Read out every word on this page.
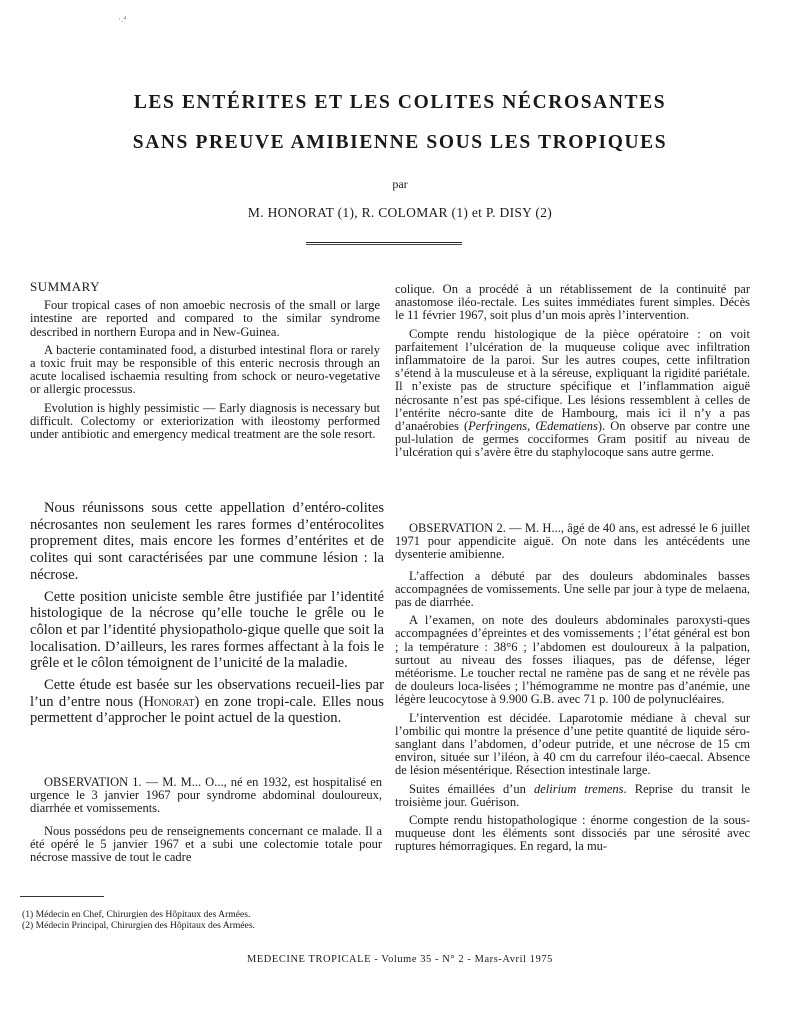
·.⁴
LES ENTÉRITES ET LES COLITES NÉCROSANTES
SANS PREUVE AMIBIENNE SOUS LES TROPIQUES
par
M. HONORAT (1), R. COLOMAR (1) et P. DISY (2)
SUMMARY

Four tropical cases of non amoebic necrosis of the small or large intestine are reported and compared to the similar syndrome described in northern Europa and in New-Guinea.

A bacterie contaminated food, a disturbed intestinal flora or rarely a toxic fruit may be responsible of this enteric necrosis through an acute localised ischaemia resulting from schock or neuro-vegetative or allergic processus.

Evolution is highly pessimistic — Early diagnosis is necessary but difficult. Colectomy or exteriorization with ileostomy performed under antibiotic and emergency medical treatment are the sole resort.

Nous réunissons sous cette appellation d’entéro-colites nécrosantes non seulement les rares formes d’entérocolites proprement dites, mais encore les formes d’entérites et de colites qui sont caractérisées par une commune lésion : la nécrose.

Cette position uniciste semble être justifiée par l’identité histologique de la nécrose qu’elle touche le grêle ou le côlon et par l’identité physiopatholo-gique quelle que soit la localisation. D’ailleurs, les rares formes affectant à la fois le grêle et le côlon témoignent de l’unicité de la maladie.

Cette étude est basée sur les observations recueil-lies par l’un d’entre nous (Honorat) en zone tropi-cale. Elles nous permettent d’approcher le point actuel de la question.

OBSERVATION 1. — M. M... O..., né en 1932, est hospitalisé en urgence le 3 janvier 1967 pour syndrome abdominal douloureux, diarrhée et vomissements.

Nous possédons peu de renseignements concernant ce malade. Il a été opéré le 5 janvier 1967 et a subi une colectomie totale pour nécrose massive de tout le cadre

colique. On a procédé à un rétablissement de la continuité par anastomose iléo-rectale. Les suites immédiates furent simples. Décès le 11 février 1967, soit plus d’un mois après l’intervention.

Compte rendu histologique de la pièce opératoire : on voit parfaitement l’ulcération de la muqueuse colique avec infiltration inflammatoire de la paroi. Sur les autres coupes, cette infiltration s’étend à la musculeuse et à la séreuse, expliquant la rigidité pariétale. Il n’existe pas de structure spécifique et l’inflammation aiguë nécrosante n’est pas spé-cifique. Les lésions ressemblent à celles de l’entérite nécro-sante dite de Hambourg, mais ici il n’y a pas d’anaérobies (Perfringens, Œdematiens). On observe par contre une pul-lulation de germes cocciformes Gram positif au niveau de l’ulcération qui s’avère être du staphylocoque sans autre germe.

OBSERVATION 2. — M. H..., âgé de 40 ans, est adressé le 6 juillet 1971 pour appendicite aiguë. On note dans les antécédents une dysenterie amibienne.

L’affection a débuté par des douleurs abdominales basses accompagnées de vomissements. Une selle par jour à type de melaena, pas de diarrhée.

A l’examen, on note des douleurs abdominales paroxysti-ques accompagnées d’épreintes et des vomissements ; l’état général est bon ; la température : 38°6 ; l’abdomen est douloureux à la palpation, surtout au niveau des fosses iliaques, pas de défense, léger météorisme. Le toucher rectal ne ramène pas de sang et ne révèle pas de douleurs loca-lisées ; l’hémogramme ne montre pas d’anémie, une légère leucocytose à 9.900 G.B. avec 71 p. 100 de polynucléaires.

L’intervention est décidée. Laparotomie médiane à cheval sur l’ombilic qui montre la présence d’une petite quantité de liquide séro-sanglant dans l’abdomen, d’odeur putride, et une nécrose de 15 cm environ, située sur l’iléon, à 40 cm du carrefour iléo-caecal. Absence de lésion mésentérique. Résection intestinale large.

Suites émaillées d’un delirium tremens. Reprise du transit le troisième jour. Guérison.

Compte rendu histopathologique : énorme congestion de la sous-muqueuse dont les éléments sont dissociés par une sérosité avec ruptures hémorragiques. En regard, la mu-

(1) Médecin en Chef, Chirurgien des Hôpitaux des Armées.
(2) Médecin Principal, Chirurgien des Hôpitaux des Armées.
MEDECINE TROPICALE - Volume 35 - N° 2 - Mars-Avril 1975
